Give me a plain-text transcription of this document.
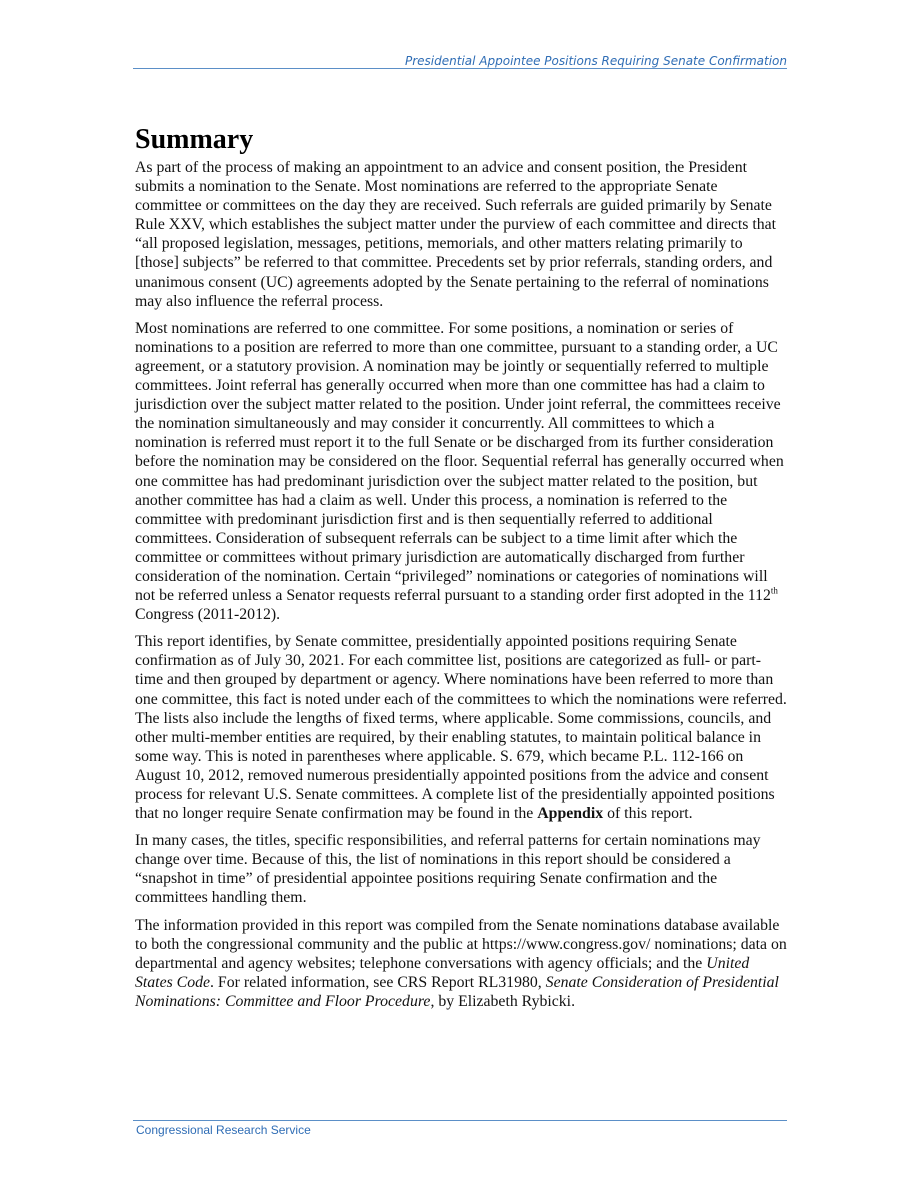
Presidential Appointee Positions Requiring Senate Confirmation
Summary

As part of the process of making an appointment to an advice and consent position, the President submits a nomination to the Senate. Most nominations are referred to the appropriate Senate committee or committees on the day they are received. Such referrals are guided primarily by Senate Rule XXV, which establishes the subject matter under the purview of each committee and directs that “all proposed legislation, messages, petitions, memorials, and other matters relating primarily to [those] subjects” be referred to that committee. Precedents set by prior referrals, standing orders, and unanimous consent (UC) agreements adopted by the Senate pertaining to the referral of nominations may also influence the referral process.

Most nominations are referred to one committee. For some positions, a nomination or series of nominations to a position are referred to more than one committee, pursuant to a standing order, a UC agreement, or a statutory provision. A nomination may be jointly or sequentially referred to multiple committees. Joint referral has generally occurred when more than one committee has had a claim to jurisdiction over the subject matter related to the position. Under joint referral, the committees receive the nomination simultaneously and may consider it concurrently. All committees to which a nomination is referred must report it to the full Senate or be discharged from its further consideration before the nomination may be considered on the floor. Sequential referral has generally occurred when one committee has had predominant jurisdiction over the subject matter related to the position, but another committee has had a claim as well. Under this process, a nomination is referred to the committee with predominant jurisdiction first and is then sequentially referred to additional committees. Consideration of subsequent referrals can be subject to a time limit after which the committee or committees without primary jurisdiction are automatically discharged from further consideration of the nomination. Certain “privileged” nominations or categories of nominations will not be referred unless a Senator requests referral pursuant to a standing order first adopted in the 112th Congress (2011-2012).

This report identifies, by Senate committee, presidentially appointed positions requiring Senate confirmation as of July 30, 2021. For each committee list, positions are categorized as full- or part-time and then grouped by department or agency. Where nominations have been referred to more than one committee, this fact is noted under each of the committees to which the nominations were referred. The lists also include the lengths of fixed terms, where applicable. Some commissions, councils, and other multi-member entities are required, by their enabling statutes, to maintain political balance in some way. This is noted in parentheses where applicable. S. 679, which became P.L. 112-166 on August 10, 2012, removed numerous presidentially appointed positions from the advice and consent process for relevant U.S. Senate committees. A complete list of the presidentially appointed positions that no longer require Senate confirmation may be found in the Appendix of this report.

In many cases, the titles, specific responsibilities, and referral patterns for certain nominations may change over time. Because of this, the list of nominations in this report should be considered a “snapshot in time” of presidential appointee positions requiring Senate confirmation and the committees handling them.

The information provided in this report was compiled from the Senate nominations database available to both the congressional community and the public at https://www.congress.gov/ nominations; data on departmental and agency websites; telephone conversations with agency officials; and the United States Code. For related information, see CRS Report RL31980, Senate Consideration of Presidential Nominations: Committee and Floor Procedure, by Elizabeth Rybicki.

Congressional Research Service
